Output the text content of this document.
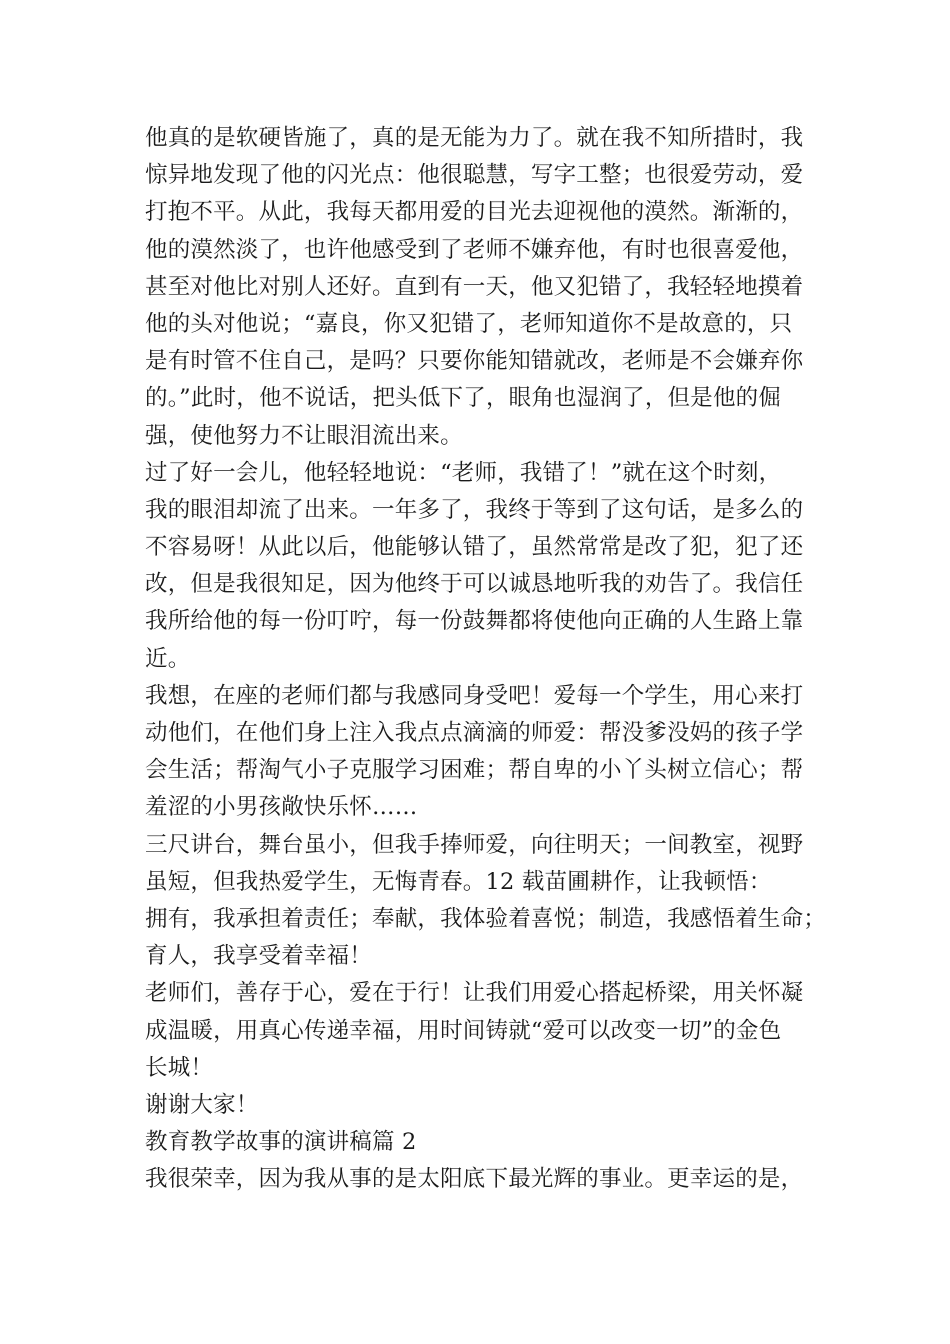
他真的是软硬皆施了，真的是无能为力了。就在我不知所措时，我
惊异地发现了他的闪光点：他很聪慧，写字工整；也很爱劳动，爱
打抱不平。从此，我每天都用爱的目光去迎视他的漠然。渐渐的，
他的漠然淡了，也许他感受到了老师不嫌弃他，有时也很喜爱他，
甚至对他比对别人还好。直到有一天，他又犯错了，我轻轻地摸着
他的头对他说；“嘉良，你又犯错了，老师知道你不是故意的，只
是有时管不住自己，是吗？只要你能知错就改，老师是不会嫌弃你
的。”此时，他不说话，把头低下了，眼角也湿润了，但是他的倔
强，使他努力不让眼泪流出来。
过了好一会儿，他轻轻地说：“老师，我错了！”就在这个时刻，
我的眼泪却流了出来。一年多了，我终于等到了这句话，是多么的
不容易呀！从此以后，他能够认错了，虽然常常是改了犯，犯了还
改，但是我很知足，因为他终于可以诚恳地听我的劝告了。我信任
我所给他的每一份叮咛，每一份鼓舞都将使他向正确的人生路上靠
近。
我想，在座的老师们都与我感同身受吧！爱每一个学生，用心来打
动他们，在他们身上注入我点点滴滴的师爱：帮没爹没妈的孩子学
会生活；帮淘气小子克服学习困难；帮自卑的小丫头树立信心；帮
羞涩的小男孩敞快乐怀……
三尺讲台，舞台虽小，但我手捧师爱，向往明天；一间教室，视野
虽短，但我热爱学生，无悔青春。12 载苗圃耕作，让我顿悟：
拥有，我承担着责任；奉献，我体验着喜悦；制造，我感悟着生命；
育人，我享受着幸福！
老师们，善存于心，爱在于行！让我们用爱心搭起桥梁，用关怀凝
成温暖，用真心传递幸福，用时间铸就“爱可以改变一切”的金色
长城！
谢谢大家！
教育教学故事的演讲稿篇 2
我很荣幸，因为我从事的是太阳底下最光辉的事业。更幸运的是，
